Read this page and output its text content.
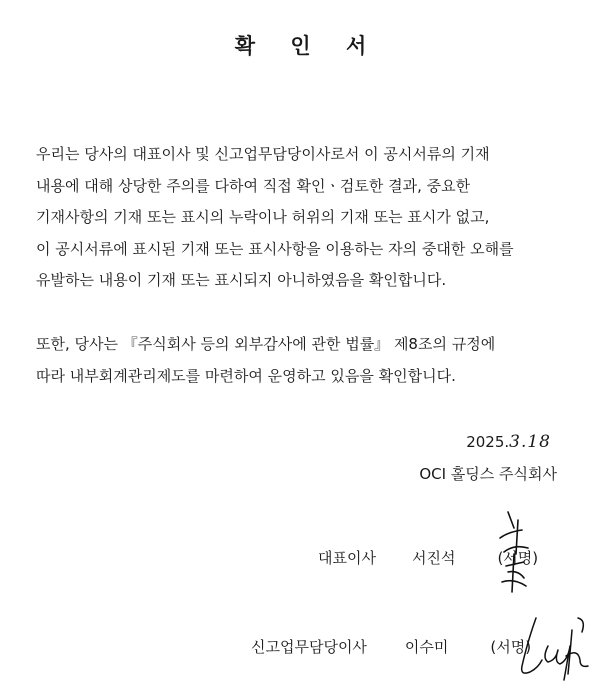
확 인 서

우리는 당사의 대표이사 및 신고업무담당이사로서 이 공시서류의 기재
내용에 대해 상당한 주의를 다하여 직접 확인ㆍ검토한 결과, 중요한
기재사항의 기재 또는 표시의 누락이나 허위의 기재 또는 표시가 없고,
이 공시서류에 표시된 기재 또는 표시사항을 이용하는 자의 중대한 오해를
유발하는 내용이 기재 또는 표시되지 아니하였음을 확인합니다.

또한, 당사는 『주식회사 등의 외부감사에 관한 법률』 제8조의 규정에
따라 내부회계관리제도를 마련하여 운영하고 있음을 확인합니다.

2025.3.18
OCI 홀딩스 주식회사
대표이사 서진석	(서명)
신고업무담당이사	이수미	(서명)
